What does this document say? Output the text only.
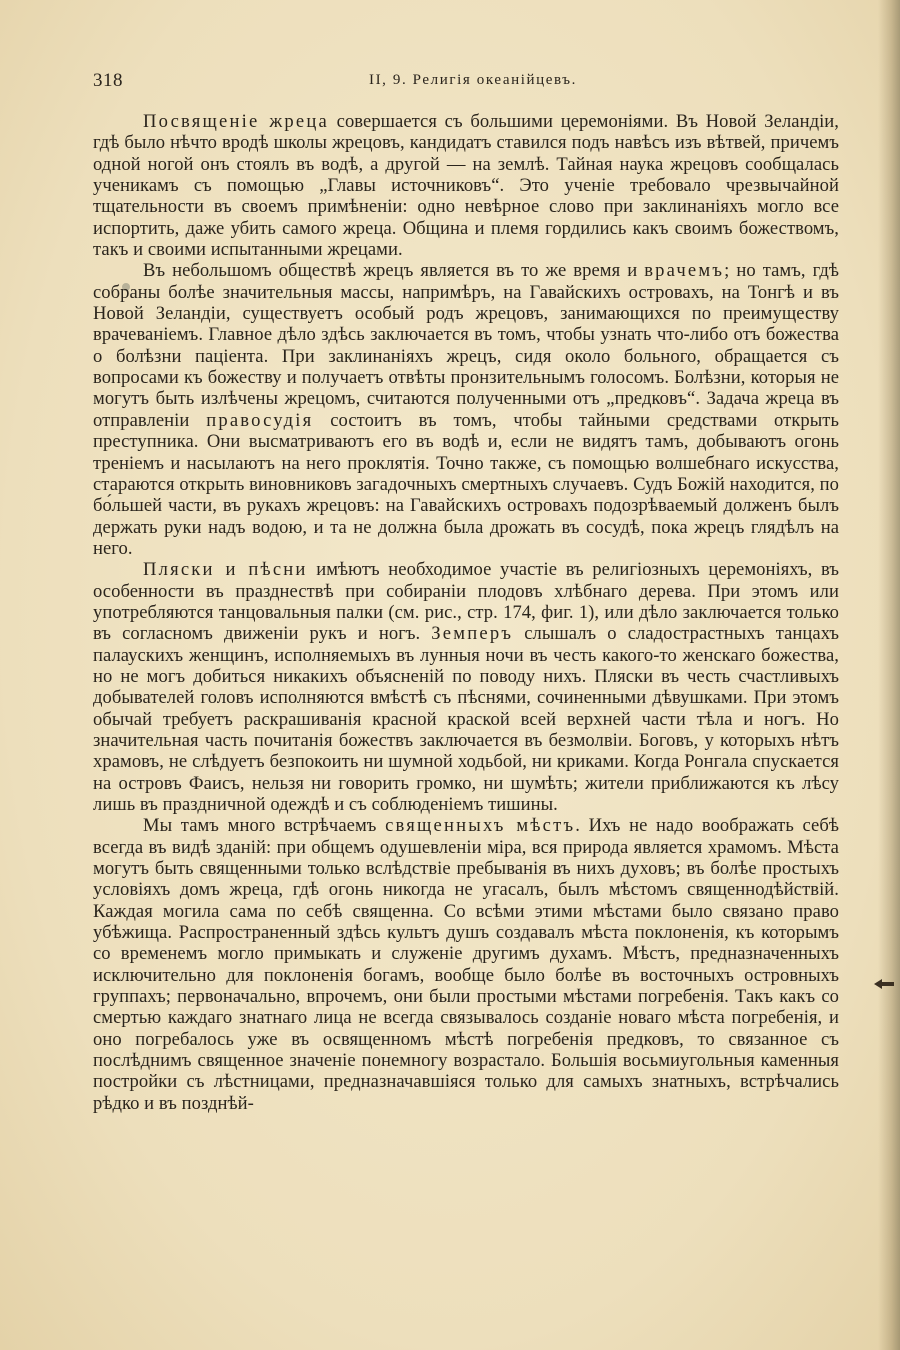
318	II, 9. Религія океанійцевъ.

Посвященіе жреца совершается съ большими церемоніями. Въ Новой Зеландіи, гдѣ было нѣчто вродѣ школы жрецовъ, кандидатъ ставился подъ навѣсъ изъ вѣтвей, причемъ одной ногой онъ стоялъ въ водѣ, а другой — на землѣ. Тайная наука жрецовъ сообщалась ученикамъ съ помощью „Главы источниковъ“. Это ученіе требовало чрезвычайной тщательности въ своемъ примѣненіи: одно невѣрное слово при заклинаніяхъ могло все испортить, даже убить самого жреца. Община и племя гордились какъ своимъ божествомъ, такъ и своими испытанными жрецами.

Въ небольшомъ обществѣ жрецъ является въ то же время и врачемъ; но тамъ, гдѣ собраны болѣе значительныя массы, напримѣръ, на Гавайскихъ островахъ, на Тонгѣ и въ Новой Зеландіи, существуетъ особый родъ жрецовъ, занимающихся по преимуществу врачеваніемъ. Главное дѣло здѣсь заключается въ томъ, чтобы узнать что-либо отъ божества о болѣзни паціента. При заклинаніяхъ жрецъ, сидя около больного, обращается съ вопросами къ божеству и получаетъ отвѣты пронзительнымъ голосомъ. Болѣзни, которыя не могутъ быть излѣчены жрецомъ, считаются полученными отъ „предковъ“. Задача жреца въ отправленіи правосудія состоитъ въ томъ, чтобы тайными средствами открыть преступника. Они высматриваютъ его въ водѣ и, если не видятъ тамъ, добываютъ огонь треніемъ и насылаютъ на него проклятія. Точно также, съ помощью волшебнаго искусства, стараются открыть виновниковъ загадочныхъ смертныхъ случаевъ. Судъ Божій находится, по бо́льшей части, въ рукахъ жрецовъ: на Гавайскихъ островахъ подозрѣваемый долженъ былъ держать руки надъ водою, и та не должна была дрожать въ сосудѣ, пока жрецъ глядѣлъ на него.

Пляски и пѣсни имѣютъ необходимое участіе въ религіозныхъ церемоніяхъ, въ особенности въ празднествѣ при собираніи плодовъ хлѣбнаго дерева. При этомъ или употребляются танцовальныя палки (см. рис., стр. 174, фиг. 1), или дѣло заключается только въ согласномъ движеніи рукъ и ногъ. Земперъ слышалъ о сладострастныхъ танцахъ палаускихъ женщинъ, исполняемыхъ въ лунныя ночи въ честь какого-то женскаго божества, но не могъ добиться никакихъ объясненій по поводу нихъ. Пляски въ честь счастливыхъ добывателей головъ исполняются вмѣстѣ съ пѣснями, сочиненными дѣвушками. При этомъ обычай требуетъ раскрашиванія красной краской всей верхней части тѣла и ногъ. Но значительная часть почитанія божествъ заключается въ безмолвіи. Боговъ, у которыхъ нѣтъ храмовъ, не слѣдуетъ безпокоить ни шумной ходьбой, ни криками. Когда Ронгала спускается на островъ Фаисъ, нельзя ни говорить громко, ни шумѣть; жители приближаются къ лѣсу лишь въ праздничной одеждѣ и съ соблюденіемъ тишины.

Мы тамъ много встрѣчаемъ священныхъ мѣстъ. Ихъ не надо воображать себѣ всегда въ видѣ зданій: при общемъ одушевленіи міра, вся природа является храмомъ. Мѣста могутъ быть священными только вслѣдствіе пребыванія въ нихъ духовъ; въ болѣе простыхъ условіяхъ домъ жреца, гдѣ огонь никогда не угасалъ, былъ мѣстомъ священнодѣйствій. Каждая могила сама по себѣ священна. Со всѣми этими мѣстами было связано право убѣжища. Распространенный здѣсь культъ душъ создавалъ мѣста поклоненія, къ которымъ со временемъ могло примыкать и служеніе другимъ духамъ. Мѣстъ, предназначенныхъ исключительно для поклоненія богамъ, вообще было болѣе въ восточныхъ островныхъ группахъ; первоначально, впрочемъ, они были простыми мѣстами погребенія. Такъ какъ со смертью каждаго знатнаго лица не всегда связывалось созданіе новаго мѣста погребенія, и оно погребалось уже въ освященномъ мѣстѣ погребенія предковъ, то связанное съ послѣднимъ священное значеніе понемногу возрастало. Большія восьмиугольныя каменныя постройки съ лѣстницами, предназначавшіяся только для самыхъ знатныхъ, встрѣчались рѣдко и въ позднѣй-
